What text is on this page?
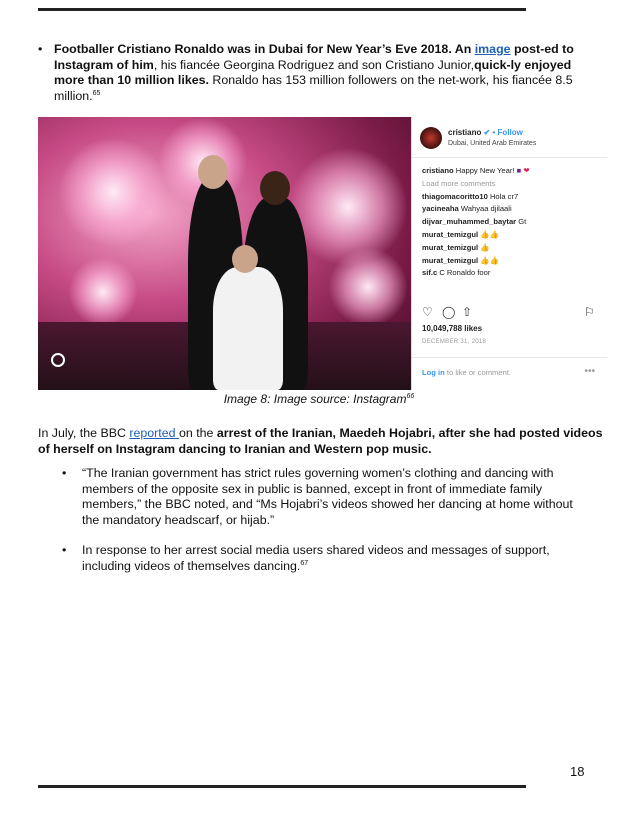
• Footballer Cristiano Ronaldo was in Dubai for New Year’s Eve 2018. An image post-ed to Instagram of him, his fiancée Georgina Rodriguez and son Cristiano Junior,quick-ly enjoyed more than 10 million likes. Ronaldo has 153 million followers on the net-work, his fiancée 8.5 million.$^{65}$
cristiano ✔ • Follow
Dubai, United Arab Emirates
cristiano Happy New Year! ■ ❤
Load more comments
thiagomacoritto10 Hola cr7
yacineaha Wahyaa djilaali
dijvar_muhammed_baytar Gt
murat_temizgul 👍👍
murat_temizgul 👍
murat_temizgul 👍👍
sif.c C Ronaldo foor
♡ ◯ ⇧	⚐
10,049,788 likes
DECEMBER 31, 2018
Log in to like or comment.	•••
Image 8: Image source: Instagram$^{66}$
In July, the BBC reported on the arrest of the Iranian, Maedeh Hojabri, after she had posted videos of herself on Instagram dancing to Iranian and Western pop music.
• “The Iranian government has strict rules governing women’s clothing and dancing with members of the opposite sex in public is banned, except in front of immediate family members,” the BBC noted, and “Ms Hojabri’s videos showed her dancing at home without the mandatory headscarf, or hijab.”
• In response to her arrest social media users shared videos and messages of support, including videos of themselves dancing.$^{67}$
18
